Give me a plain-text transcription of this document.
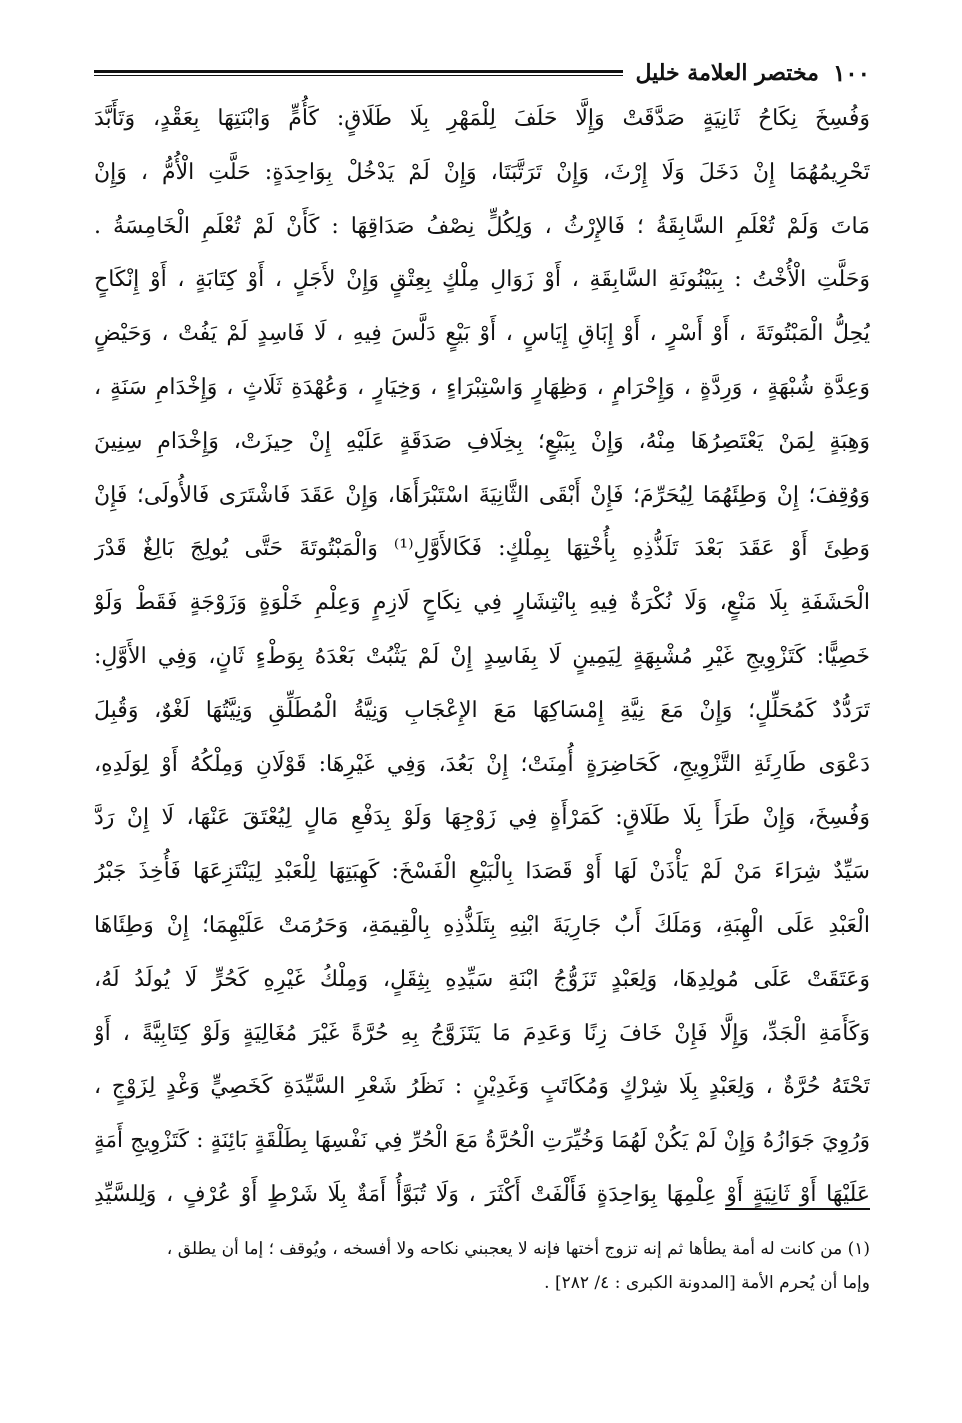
١٠٠
مختصر العلامة خليل
وَفُسِخَ نِكَاحُ ثَانِيَةٍ صَدَّقَتْ وَإِلَّا حَلَفَ لِلْمَهْرِ بِلَا طَلَاقٍ: كَأُمٍّ وَابْنَتِهَا بِعَقْدٍ، وَتَأَبَّدَ
تَحْرِيمُهُمَا إِنْ دَخَلَ وَلَا إِرْثَ، وَإِنْ تَرَتَّبَتَا، وَإِنْ لَمْ يَدْخُلْ بِوَاحِدَةٍ: حَلَّتِ الْأُمُّ ، وَإِنْ
مَاتَ وَلَمْ تُعْلَمِ السَّابِقَةُ ؛ فَالإِرْثُ ، وَلِكُلٍّ نِصْفُ صَدَاقِهَا : كَأَنْ لَمْ تُعْلَمِ الْخَامِسَةُ .
وَحَلَّتِ الْأُخْتُ : بِبَيْنُونَةِ السَّابِقَةِ ، أَوْ زَوَالِ مِلْكٍ بِعِتْقٍ وَإِنْ لأَجَلٍ ، أَوْ كِتَابَةٍ ، أَوْ إِنْكَاحٍ
يُحِلُّ الْمَبْتُوتَةَ ، أَوْ أَسْرٍ ، أَوْ إِبَاقِ إِيَاسٍ ، أَوْ بَيْعٍ دَلَّسَ فِيهِ ، لَا فَاسِدٍ لَمْ يَفُتْ ، وَحَيْضٍ
وَعِدَّةِ شُبْهَةٍ ، وَرِدَّةٍ ، وَإِحْرَامٍ ، وَظِهَارٍ وَاسْتِبْرَاءٍ ، وَخِيَارٍ ، وَعُهْدَةِ ثَلَاثٍ ، وَإِخْدَامِ سَنَةٍ ،
وَهِبَةٍ لِمَنْ يَعْتَصِرُهَا مِنْهُ، وَإِنْ بِبَيْعٍ؛ بِخِلَافِ صَدَقَةٍ عَلَيْهِ إِنْ حِيزَتْ، وَإِخْدَامِ سِنِينَ
وَوُقِفَ؛ إِنْ وَطِئَهُمَا لِيُحَرِّمَ؛ فَإِنْ أَبْقَى الثَّانِيَةَ اسْتَبْرَأَهَا، وَإِنْ عَقَدَ فَاشْتَرَى فَالأُولَى؛ فَإِنْ
وَطِئَ أَوْ عَقَدَ بَعْدَ تَلَذُّذِهِ بِأُخْتِهَا بِمِلْكٍ: فَكَالأَوَّلِ⁽¹⁾ وَالْمَبْتُوتَةَ حَتَّى يُولِجَ بَالِغٌ قَدْرَ
الْحَشَفَةِ بِلَا مَنْعٍ، وَلَا نُكْرَةٌ فِيهِ بِانْتِشَارٍ فِي نِكَاحٍ لَازِمٍ وَعِلْمِ خَلْوَةٍ وَزَوْجَةٍ فَقَطْ وَلَوْ
خَصِيًّا: كَتَزْوِيجِ غَيْرِ مُشْبِهَةٍ لِيَمِينٍ لَا بِفَاسِدٍ إِنْ لَمْ يَثْبُتْ بَعْدَهُ بِوَطْءٍ ثَانٍ، وَفِي الأَوَّلِ:
تَرَدُّدٌ كَمُحَلِّلٍ؛ وَإِنْ مَعَ نِيَّةِ إِمْسَاكِهَا مَعَ الإِعْجَابِ وَنِيَّةُ الْمُطَلِّقِ وَنِيَّتُهَا لَغْوٌ، وَقُبِلَ
دَعْوَى طَارِئَةِ التَّزْوِيجِ، كَحَاضِرَةٍ أُمِنَتْ؛ إِنْ بَعُدَ، وَفِي غَيْرِهَا: قَوْلَانِ وَمِلْكُهُ أَوْ لِوَلَدِهِ،
وَفُسِخَ، وَإِنْ طَرَأَ بِلَا طَلَاقٍ: كَمَرْأَةٍ فِي زَوْجِهَا وَلَوْ بِدَفْعِ مَالٍ لِيُعْتَقَ عَنْهَا، لَا إِنْ رَدَّ
سَيِّدٌ شِرَاءَ مَنْ لَمْ يَأْذَنْ لَهَا أَوْ قَصَدَا بِالْبَيْعِ الْفَسْخَ: كَهِبَتِهَا لِلْعَبْدِ لِيَنْتَزِعَهَا فَأُخِذَ جَبْرُ
الْعَبْدِ عَلَى الْهِبَةِ، وَمَلَكَ أَبٌ جَارِيَةَ ابْنِهِ بِتَلَذُّذِهِ بِالْقِيمَةِ، وَحَرُمَتْ عَلَيْهِمَا؛ إِنْ وَطِئَاهَا
وَعَتَقَتْ عَلَى مُولِدِهَا، وَلِعَبْدٍ تَزَوُّجُ ابْنَةِ سَيِّدِهِ بِثِقَلٍ، وَمِلْكُ غَيْرِهِ كَحُرٍّ لَا يُولَدُ لَهُ،
وَكَأَمَةِ الْجَدِّ، وَإِلَّا فَإِنْ خَافَ زِنًا وَعَدِمَ مَا يَتَزَوَّجُ بِهِ حُرَّةً غَيْرَ مُغَالِيَةٍ وَلَوْ كِتَابِيَّةً ، أَوْ
تَحْتَهُ حُرَّةٌ ، وَلِعَبْدٍ بِلَا شِرْكٍ وَمُكَاتَبٍ وَغَدِيْنٍ : نَظَرُ شَعْرِ السَّيِّدَةِ كَخَصِيٍّ وَغْدٍ لِزَوْجٍ ،
وَرُوِيَ جَوَازُهُ وَإِنْ لَمْ يَكُنْ لَهُمَا وَخُيِّرَتِ الْحُرَّةُ مَعَ الْحُرِّ فِي نَفْسِهَا بِطَلْقَةٍ بَائِنَةٍ : كَتَزْوِيجِ أَمَةٍ
عَلَيْهَا أَوْ ثَانِيَةٍ أَوْ عِلْمِهَا بِوَاحِدَةٍ فَأَلْفَتْ أَكْثَرَ ، وَلَا تُبَوَّأُ أَمَةٌ بِلَا شَرْطٍ أَوْ عُرْفٍ ، وَلِلسَّيِّدِ
(١) من كانت له أمة يطأها ثم إنه تزوج أختها فإنه لا يعجبني نكاحه ولا أفسخه ، ويُوقف ؛ إما أن يطلق ،
وإما أن يُحرم الأمة [المدونة الكبرى : ٤/ ٢٨٢] .
